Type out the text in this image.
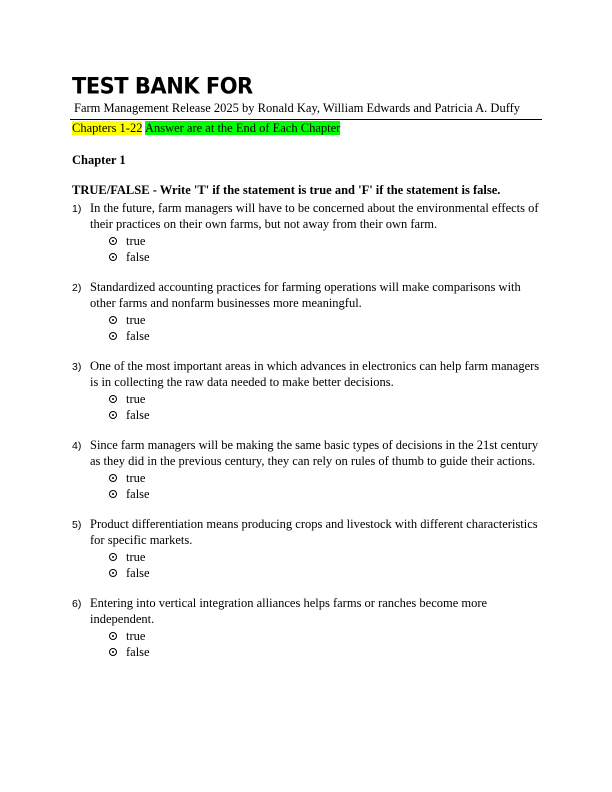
TEST BANK FOR
Farm Management Release 2025 by Ronald Kay, William Edwards and Patricia A. Duffy
Chapters 1-22 Answer are at the End of Each Chapter
Chapter 1
TRUE/FALSE - Write 'T' if the statement is true and 'F' if the statement is false.
1) In the future, farm managers will have to be concerned about the environmental effects of their practices on their own farms, but not away from their own farm.
true
false
2) Standardized accounting practices for farming operations will make comparisons with other farms and nonfarm businesses more meaningful.
true
false
3) One of the most important areas in which advances in electronics can help farm managers is in collecting the raw data needed to make better decisions.
true
false
4) Since farm managers will be making the same basic types of decisions in the 21st century as they did in the previous century, they can rely on rules of thumb to guide their actions.
true
false
5) Product differentiation means producing crops and livestock with different characteristics for specific markets.
true
false
6) Entering into vertical integration alliances helps farms or ranches become more independent.
true
false
